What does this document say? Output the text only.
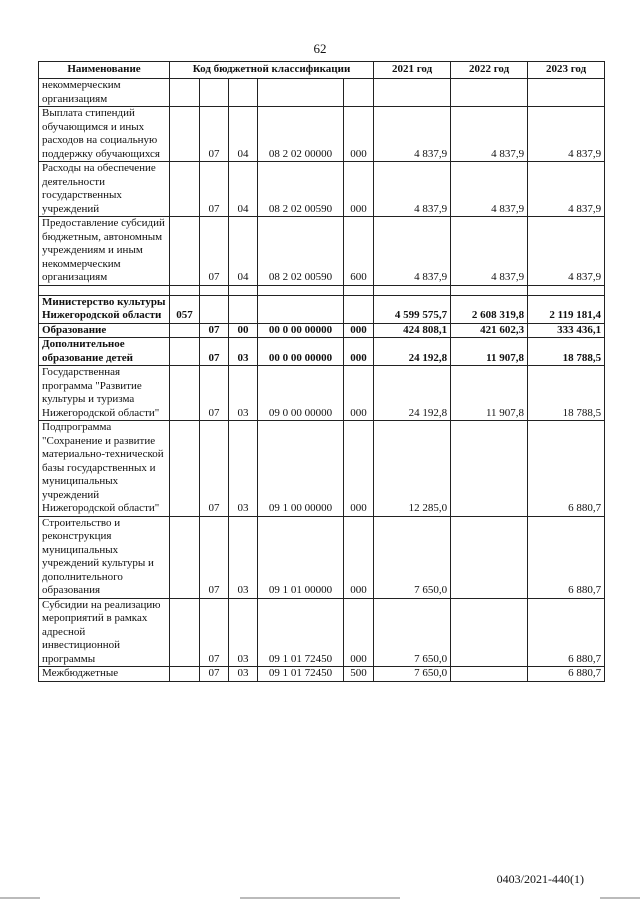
62
Наименование	Код бюджетной классификации					2021 год	2022 год	2023 год
некоммерческим организациям								
Выплата стипендий обучающимся и иных расходов на социальную поддержку обучающихся		07	04	08 2 02 00000	000	4 837,9	4 837,9	4 837,9
Расходы на обеспечение деятельности государственных учреждений		07	04	08 2 02 00590	000	4 837,9	4 837,9	4 837,9
Предоставление субсидий бюджетным, автономным учреждениям и иным некоммерческим организациям		07	04	08 2 02 00590	600	4 837,9	4 837,9	4 837,9

Министерство культуры Нижегородской области	057					4 599 575,7	2 608 319,8	2 119 181,4
Образование		07	00	00 0 00 00000	000	424 808,1	421 602,3	333 436,1
Дополнительное образование детей		07	03	00 0 00 00000	000	24 192,8	11 907,8	18 788,5
Государственная программа "Развитие культуры и туризма Нижегородской области"		07	03	09 0 00 00000	000	24 192,8	11 907,8	18 788,5
Подпрограмма "Сохранение и развитие материально-технической базы государственных и муниципальных учреждений Нижегородской области"		07	03	09 1 00 00000	000	12 285,0		6 880,7
Строительство и реконструкция муниципальных учреждений культуры и дополнительного образования		07	03	09 1 01 00000	000	7 650,0		6 880,7
Субсидии на реализацию мероприятий в рамках адресной инвестиционной программы		07	03	09 1 01 72450	000	7 650,0		6 880,7
Межбюджетные		07	03	09 1 01 72450	500	7 650,0		6 880,7
0403/2021-440(1)
